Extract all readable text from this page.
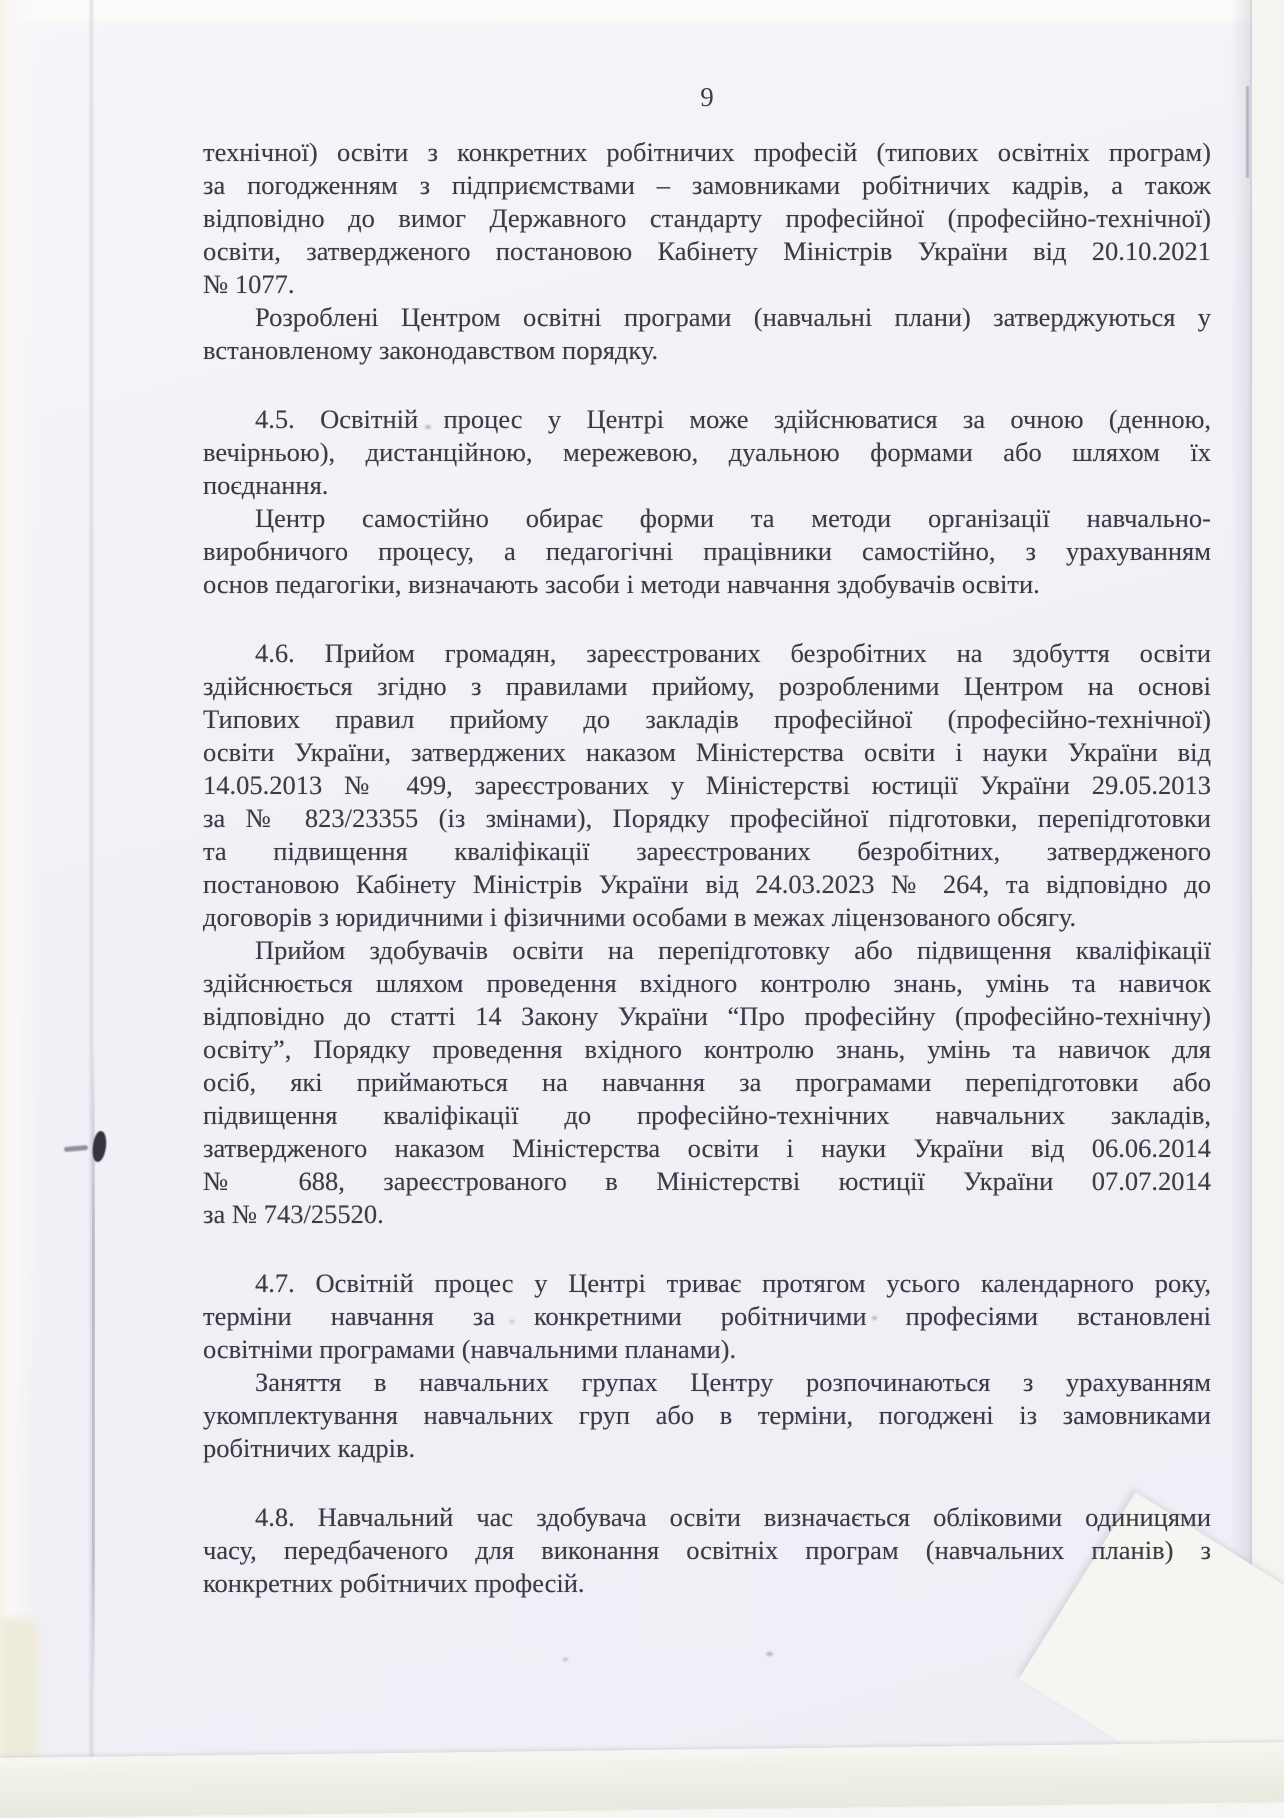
9
технічної) освіти з конкретних робітничих професій (типових освітніх програм)
за погодженням з підприємствами – замовниками робітничих кадрів, а також
відповідно до вимог Державного стандарту професійної (професійно-технічної)
освіти, затвердженого постановою Кабінету Міністрів України від 20.10.2021
№ 1077.
Розроблені Центром освітні програми (навчальні плани) затверджуються у
встановленому законодавством порядку.
4.5. Освітній процес у Центрі може здійснюватися за очною (денною,
вечірньою), дистанційною, мережевою, дуальною формами або шляхом їх
поєднання.
Центр самостійно обирає форми та методи організації навчально-
виробничого процесу, а педагогічні працівники самостійно, з урахуванням
основ педагогіки, визначають засоби і методи навчання здобувачів освіти.
4.6. Прийом громадян, зареєстрованих безробітних на здобуття освіти
здійснюється згідно з правилами прийому, розробленими Центром на основі
Типових правил прийому до закладів професійної (професійно-технічної)
освіти України, затверджених наказом Міністерства освіти і науки України від
14.05.2013 № 499, зареєстрованих у Міністерстві юстиції України 29.05.2013
за № 823/23355 (із змінами), Порядку професійної підготовки, перепідготовки
та підвищення кваліфікації зареєстрованих безробітних, затвердженого
постановою Кабінету Міністрів України від 24.03.2023 № 264, та відповідно до
договорів з юридичними і фізичними особами в межах ліцензованого обсягу.
Прийом здобувачів освіти на перепідготовку або підвищення кваліфікації
здійснюється шляхом проведення вхідного контролю знань, умінь та навичок
відповідно до статті 14 Закону України “Про професійну (професійно-технічну)
освіту”, Порядку проведення вхідного контролю знань, умінь та навичок для
осіб, які приймаються на навчання за програмами перепідготовки або
підвищення кваліфікації до професійно-технічних навчальних закладів,
затвердженого наказом Міністерства освіти і науки України від 06.06.2014
№ 688, зареєстрованого в Міністерстві юстиції України 07.07.2014
за № 743/25520.
4.7. Освітній процес у Центрі триває протягом усього календарного року,
терміни навчання за конкретними робітничими професіями встановлені
освітніми програмами (навчальними планами).
Заняття в навчальних групах Центру розпочинаються з урахуванням
укомплектування навчальних груп або в терміни, погоджені із замовниками
робітничих кадрів.
4.8. Навчальний час здобувача освіти визначається обліковими одиницями
часу, передбаченого для виконання освітніх програм (навчальних планів) з
конкретних робітничих професій.
